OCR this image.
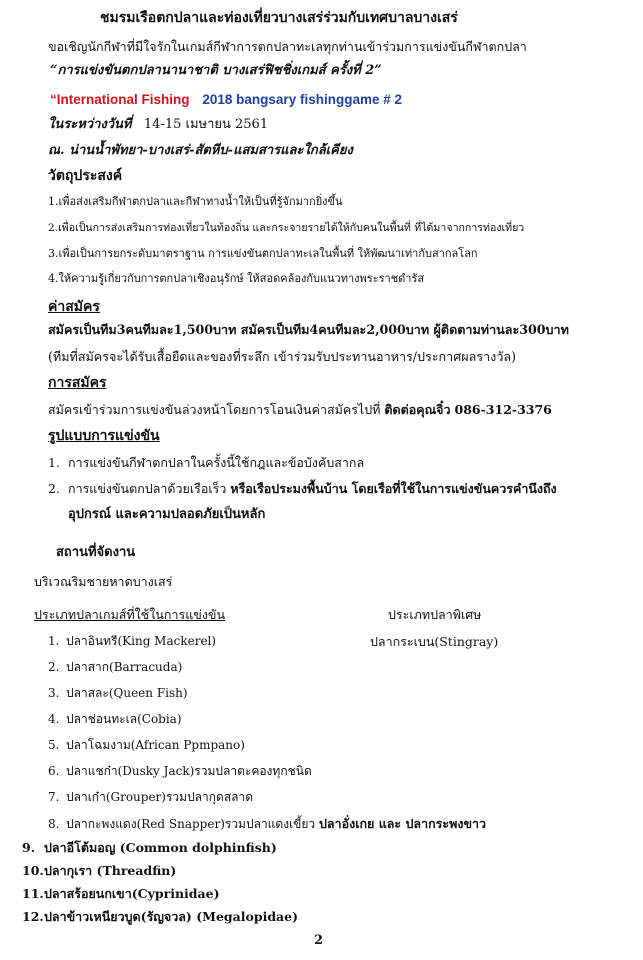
ชมรมเรือตกปลาและท่องเที่ยวบางเสร่ร่วมกับเทศบาลบางเสร่
ขอเชิญนักกีฬาที่มีใจรักในเกมส์กีฬาการตกปลาทะเลทุกท่านเข้าร่วมการแข่งขันกีฬาตกปลา
“การแข่งขันตกปลานานาชาติ บางเสร่ฟิชชิ่งเกมส์ ครั้งที่ 2”
“International Fishing 2018 bangsary fishinggame # 2
ในระหว่างวันที่ 14-15 เมษายน 2561
ณ. น่านน้ำพัทยา-บางเสร่-สัตหีบ-แสมสารและใกล้เคียง
วัตถุประสงค์
1.เพื่อส่งเสริมกีฬาตกปลาและกีฬาทางน้ำให้เป็นที่รู้จักมากยิ่งขึ้น
2.เพื่อเป็นการส่งเสริมการท่องเที่ยวในท้องถิ่น และกระจายรายได้ให้กับคนในพื้นที่ ที่ได้มาจากการท่องเที่ยว
3.เพื่อเป็นการยกระดับมาตราฐาน การแข่งขันตกปลาทะเลในพื้นที่ ให้พัฒนาเท่ากับสากลโลก
4.ให้ความรู้เกี่ยวกับการตกปลาเชิงอนุรักษ์ ให้สอดคล้องกับแนวทางพระราชดำรัส
ค่าสมัคร
สมัครเป็นทีม3คนทีมละ1,500บาท สมัครเป็นทีม4คนทีมละ2,000บาท ผู้ติดตามท่านละ300บาท
(ทีมที่สมัครจะได้รับเสื้อยืดและของที่ระลึก เข้าร่วมรับประทานอาหาร/ประกาศผลรางวัล)
การสมัคร
สมัครเข้าร่วมการแข่งขันล่วงหน้าโดยการโอนเงินค่าสมัครไปที่ ติดต่อคุณจิ๋ว 086-312-3376
รูปแบบการแข่งขัน
1. การแข่งขันกีฬาตกปลาในครั้งนี้ใช้กฎและข้อบังคับสากล
2. การแข่งขันตกปลาด้วยเรือเร็ว หรือเรือประมงพื้นบ้าน โดยเรือที่ใช้ในการแข่งขันควรคำนึงถึง
อุปกรณ์ และความปลอดภัยเป็นหลัก
สถานที่จัดงาน
บริเวณริมชายหาดบางเสร่
ประเภทปลาเกมส์ที่ใช้ในการแข่งขัน	ประเภทปลาพิเศษ
ปลากระเบน(Stingray)
1. ปลาอินทรี(King Mackerel)
2. ปลาสาก(Barracuda)
3. ปลาสละ(Queen Fish)
4. ปลาช่อนทะเล(Cobia)
5. ปลาโฉมงาม(African Ppmpano)
6. ปลาแชก๋า(Dusky Jack)รวมปลาตะคองทุกชนิด
7. ปลาเก๋า(Grouper)รวมปลากุดสลาด
8. ปลากะพงแดง(Red Snapper)รวมปลาแดงเขี้ยว ปลาอั่งเกย และ ปลากระพงขาว
9. ปลาอีโต้มอญ (Common dolphinfish)
10.ปลากุเรา (Threadfin)
11.ปลาสร้อยนกเขา(Cyprinidae)
12.ปลาข้าวเหนียวบูด(รัญจวล) (Megalopidae)
2
